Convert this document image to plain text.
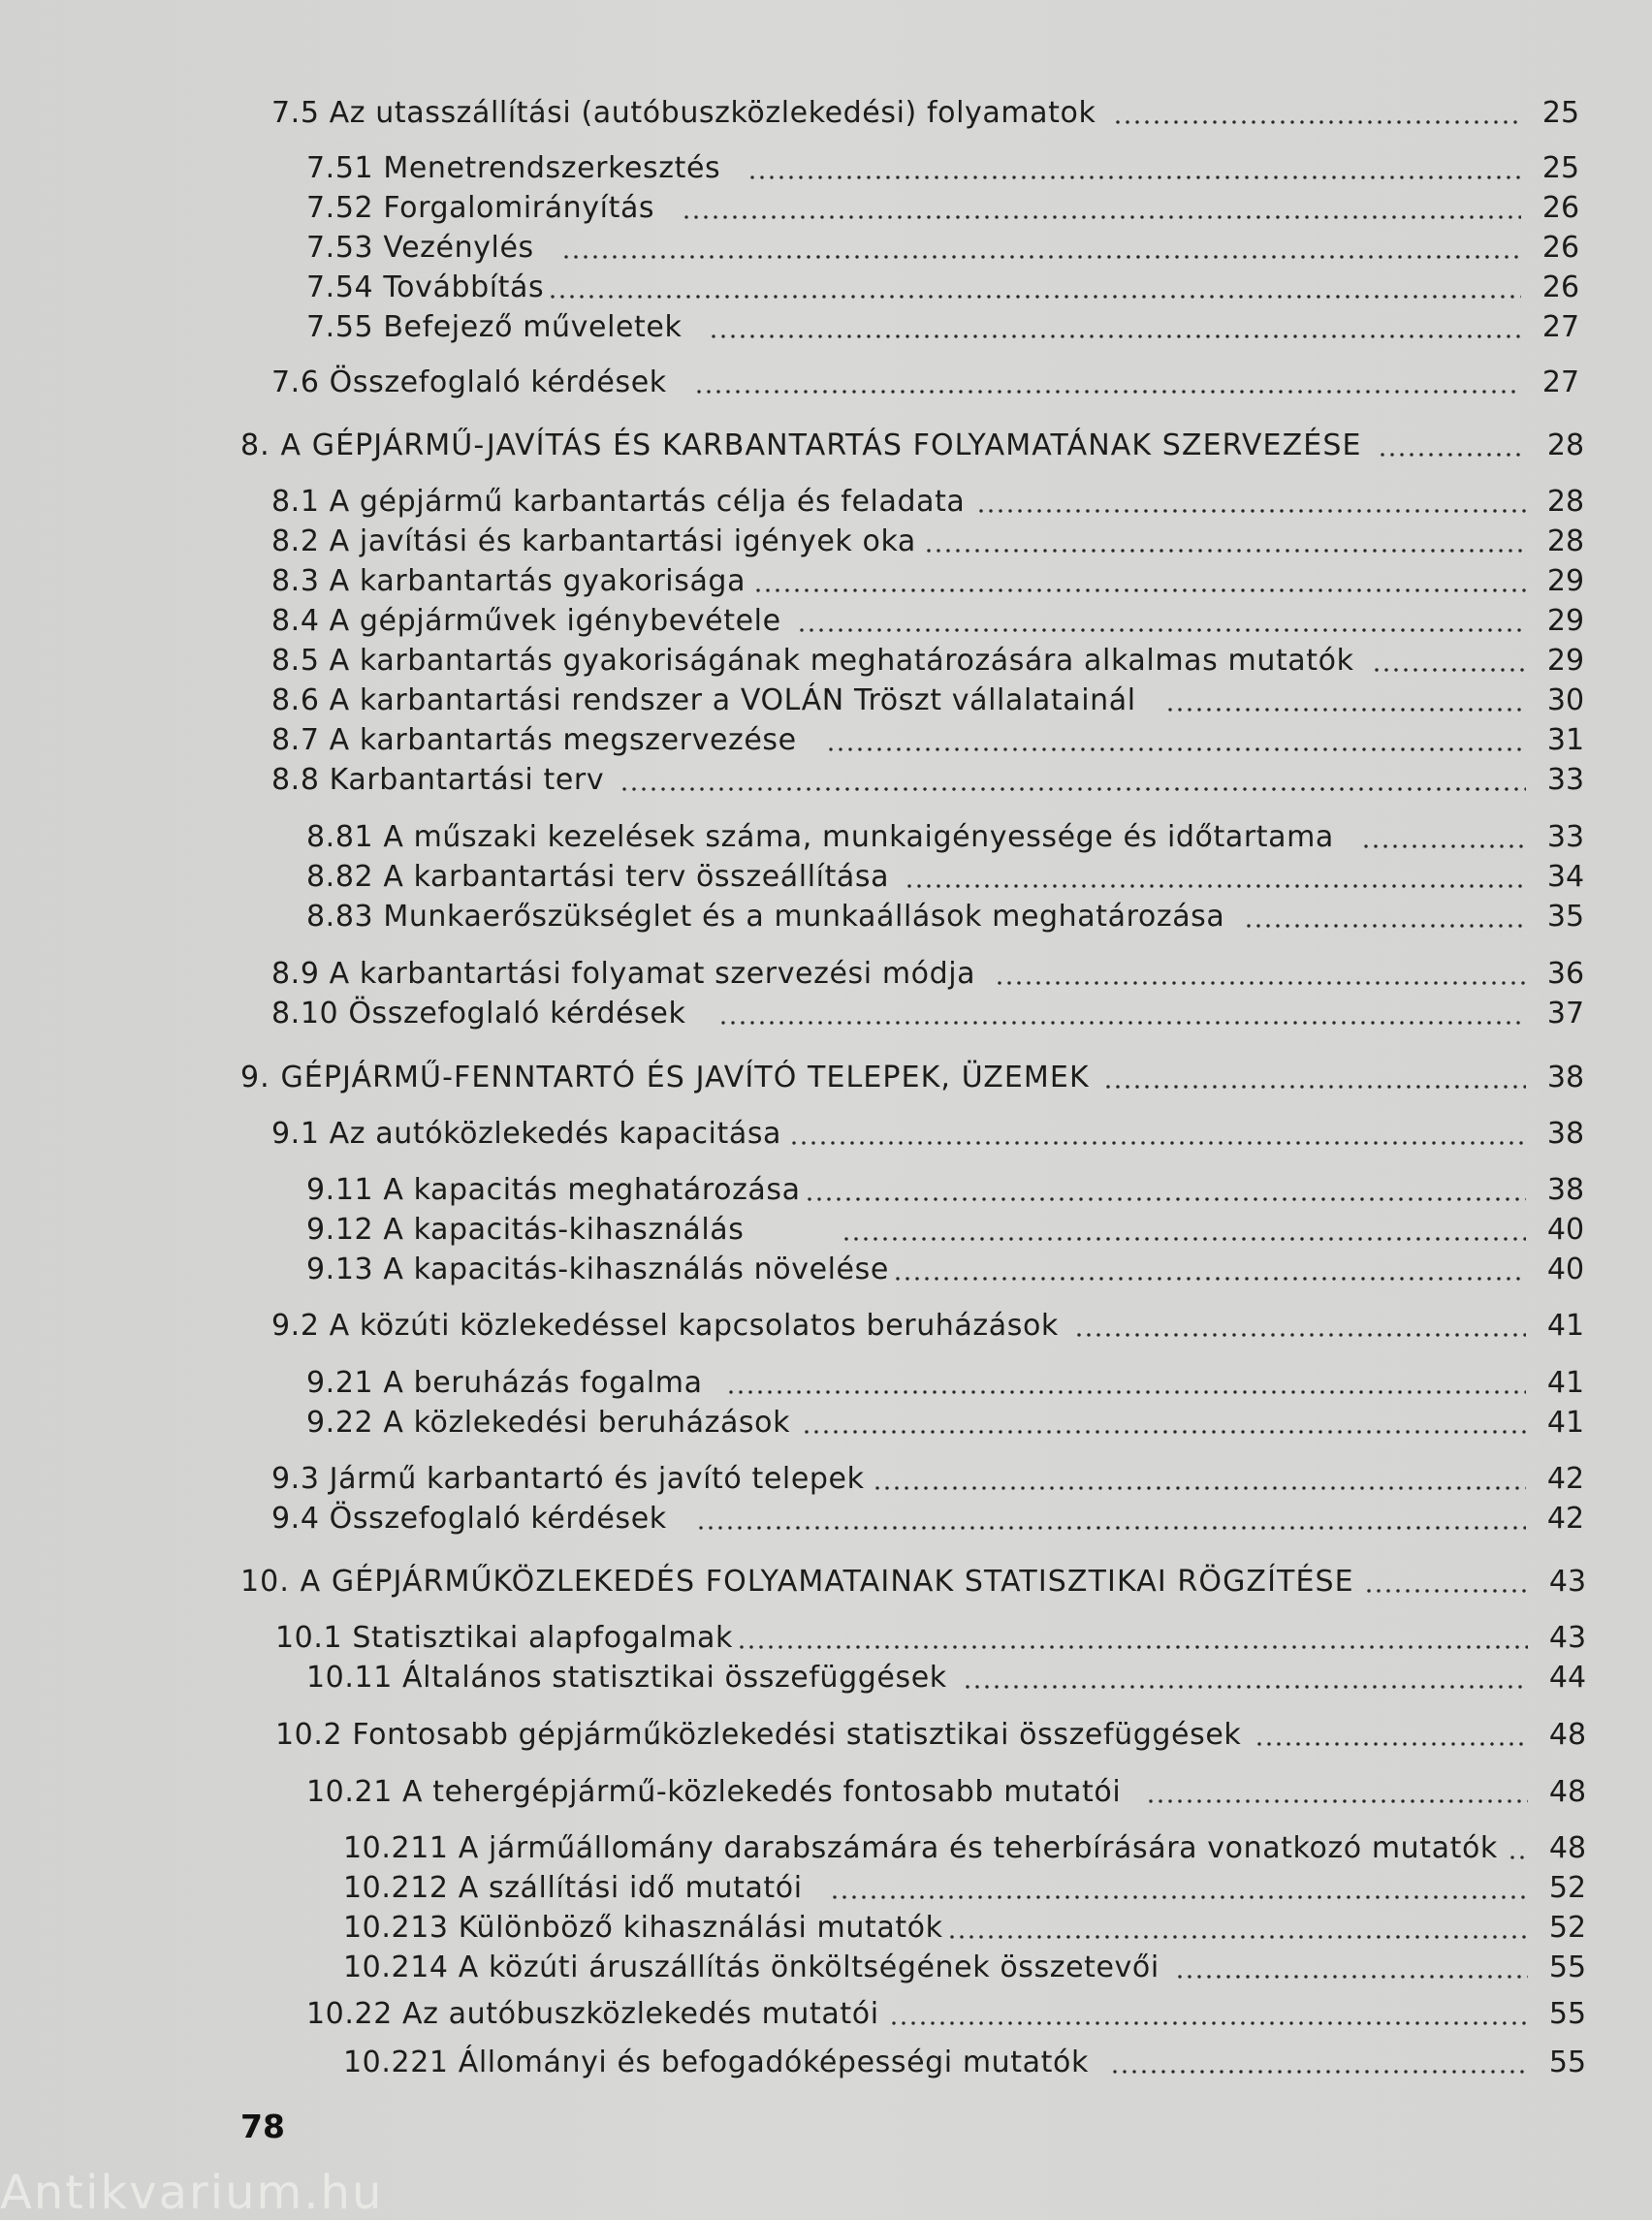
7.5 Az utasszállítási (autóbuszközlekedési) folyamatok	25
7.51 Menetrendszerkesztés	25
7.52 Forgalomirányítás	26
7.53 Vezénylés	26
7.54 Továbbítás	26
7.55 Befejező műveletek	27
7.6 Összefoglaló kérdések	27
8. A GÉPJÁRMŰ-JAVÍTÁS ÉS KARBANTARTÁS FOLYAMATÁNAK SZERVEZÉSE	28
8.1 A gépjármű karbantartás célja és feladata	28
8.2 A javítási és karbantartási igények oka	28
8.3 A karbantartás gyakorisága	29
8.4 A gépjárművek igénybevétele	29
8.5 A karbantartás gyakoriságának meghatározására alkalmas mutatók	29
8.6 A karbantartási rendszer a VOLÁN Tröszt vállalatainál	30
8.7 A karbantartás megszervezése	31
8.8 Karbantartási terv	33
8.81 A műszaki kezelések száma, munkaigényessége és időtartama	33
8.82 A karbantartási terv összeállítása	34
8.83 Munkaerőszükséglet és a munkaállások meghatározása	35
8.9 A karbantartási folyamat szervezési módja	36
8.10 Összefoglaló kérdések	37
9. GÉPJÁRMŰ-FENNTARTÓ ÉS JAVÍTÓ TELEPEK, ÜZEMEK	38
9.1 Az autóközlekedés kapacitása	38
9.11 A kapacitás meghatározása	38
9.12 A kapacitás-kihasználás	40
9.13 A kapacitás-kihasználás növelése	40
9.2 A közúti közlekedéssel kapcsolatos beruházások	41
9.21 A beruházás fogalma	41
9.22 A közlekedési beruházások	41
9.3 Jármű karbantartó és javító telepek	42
9.4 Összefoglaló kérdések	42
10. A GÉPJÁRMŰKÖZLEKEDÉS FOLYAMATAINAK STATISZTIKAI RÖGZÍTÉSE	43
10.1 Statisztikai alapfogalmak	43
10.11 Általános statisztikai összefüggések	44
10.2 Fontosabb gépjárműközlekedési statisztikai összefüggések	48
10.21 A tehergépjármű-közlekedés fontosabb mutatói	48
10.211 A járműállomány darabszámára és teherbírására vonatkozó mutatók	48
10.212 A szállítási idő mutatói	52
10.213 Különböző kihasználási mutatók	52
10.214 A közúti áruszállítás önköltségének összetevői	55
10.22 Az autóbuszközlekedés mutatói	55
10.221 Állományi és befogadóképességi mutatók	55
78
Antikvarium.hu
